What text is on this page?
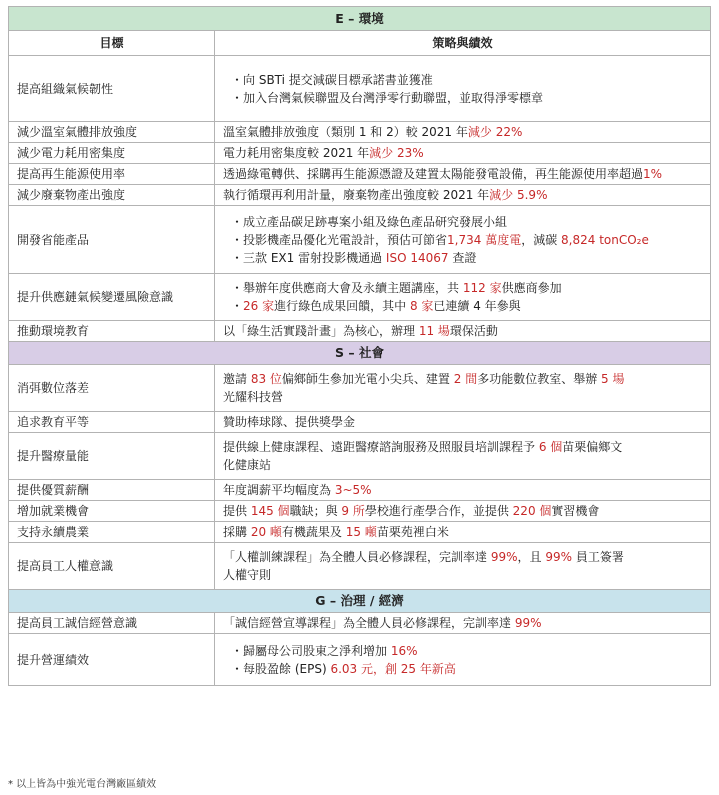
E – 環境	
目標	策略與績效
提高組織氣候韌性	・向 SBTi 提交減碳目標承諾書並獲准
・加入台灣氣候聯盟及台灣淨零行動聯盟，並取得淨零標章

減少溫室氣體排放強度	溫室氣體排放強度（類別 1 和 2）較 2021 年減少 22%

減少電力耗用密集度	電力耗用密集度較 2021 年減少 23%

提高再生能源使用率	透過綠電轉供、採購再生能源憑證及建置太陽能發電設備，再生能源使用率超過1%

減少廢棄物產出強度	執行循環再利用計量，廢棄物產出強度較 2021 年減少 5.9%

開發省能產品	・成立產品碳足跡專案小組及綠色產品研究發展小組
・投影機產品優化光電設計，預估可節省1,734 萬度電，減碳 8,824 tonCO₂e
・三款 EX1 雷射投影機通過 ISO 14067 查證

提升供應鏈氣候變遷風險意識	・舉辦年度供應商大會及永續主題講座，共 112 家供應商參加
・26 家進行綠色成果回饋，其中 8 家已連續 4 年參與

推動環境教育	以「綠生活實踐計畫」為核心，辦理 11 場環保活動

S – 社會	
消弭數位落差	邀請 83 位偏鄉師生參加光電小尖兵、建置 2 間多功能數位教室、舉辦 5 場
光耀科技營

追求教育平等	贊助棒球隊、提供獎學金

提升醫療量能	提供線上健康課程、遠距醫療諮詢服務及照服員培訓課程予 6 個苗栗偏鄉文
化健康站

提供優質薪酬	年度調薪平均幅度為 3~5%

增加就業機會	提供 145 個職缺；與 9 所學校進行產學合作，並提供 220 個實習機會

支持永續農業	採購 20 噸有機蔬果及 15 噸苗栗苑裡白米

提高員工人權意識	「人權訓練課程」為全體人員必修課程，完訓率達 99%，且 99% 員工簽署
人權守則

G – 治理 / 經濟	
提高員工誠信經營意識	「誠信經營宣導課程」為全體人員必修課程，完訓率達 99%

提升營運績效	・歸屬母公司股東之淨利增加 16%
・每股盈餘 (EPS) 6.03 元，創 25 年新高
* 以上皆為中強光電台灣廠區績效
